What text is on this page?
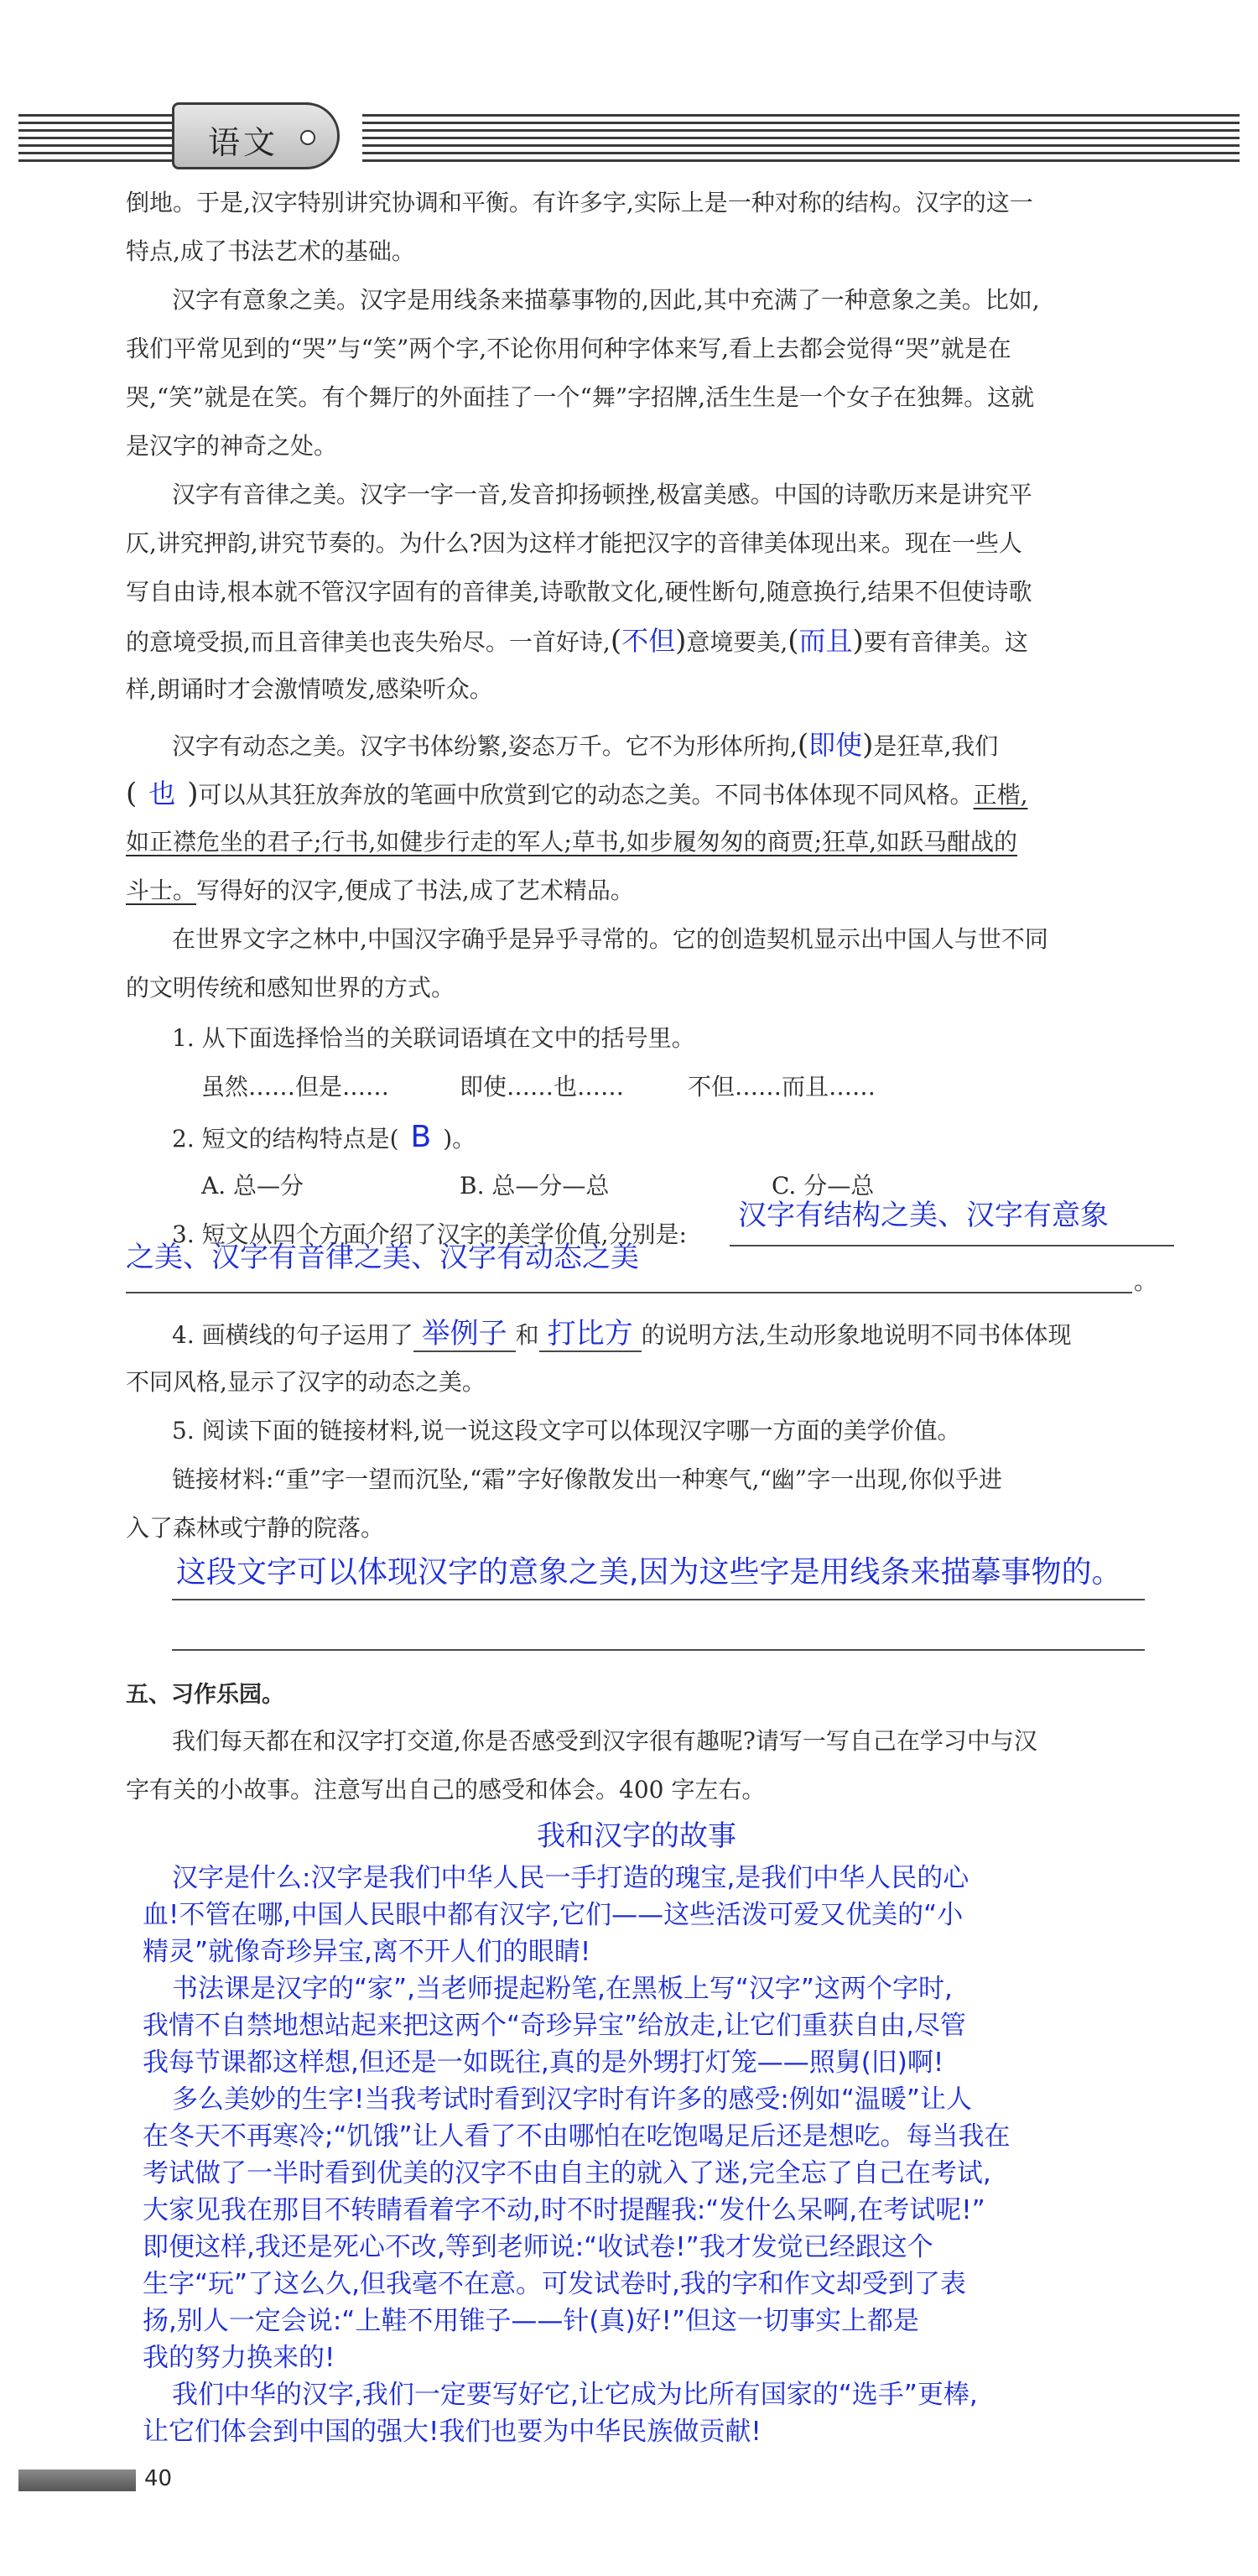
语文
倒地。于是,汉字特别讲究协调和平衡。有许多字,实际上是一种对称的结构。汉字的这一
特点,成了书法艺术的基础。
汉字有意象之美。汉字是用线条来描摹事物的,因此,其中充满了一种意象之美。比如,
我们平常见到的“哭”与“笑”两个字,不论你用何种字体来写,看上去都会觉得“哭”就是在
哭,“笑”就是在笑。有个舞厅的外面挂了一个“舞”字招牌,活生生是一个女子在独舞。这就
是汉字的神奇之处。
汉字有音律之美。汉字一字一音,发音抑扬顿挫,极富美感。中国的诗歌历来是讲究平
仄,讲究押韵,讲究节奏的。为什么?因为这样才能把汉字的音律美体现出来。现在一些人
写自由诗,根本就不管汉字固有的音律美,诗歌散文化,硬性断句,随意换行,结果不但使诗歌
的意境受损,而且音律美也丧失殆尽。一首好诗,(不但)意境要美,(而且)要有音律美。这
样,朗诵时才会激情喷发,感染听众。
汉字有动态之美。汉字书体纷繁,姿态万千。它不为形体所拘,(即使)是狂草,我们
( 也 )可以从其狂放奔放的笔画中欣赏到它的动态之美。不同书体体现不同风格。正楷,
如正襟危坐的君子;行书,如健步行走的军人;草书,如步履匆匆的商贾;狂草,如跃马酣战的
斗士。写得好的汉字,便成了书法,成了艺术精品。
在世界文字之林中,中国汉字确乎是异乎寻常的。它的创造契机显示出中国人与世不同
的文明传统和感知世界的方式。
1. 从下面选择恰当的关联词语填在文中的括号里。
虽然……但是……	即使……也……	不但……而且……
2. 短文的结构特点是( B )。
A. 总—分	B. 总—分—总	C. 分—总
3. 短文从四个方面介绍了汉字的美学价值,分别是:
汉字有结构之美、汉字有意象
之美、汉字有音律之美、汉字有动态之美
。
4. 画横线的句子运用了 举例子 和 打比方 的说明方法,生动形象地说明不同书体体现
不同风格,显示了汉字的动态之美。
5. 阅读下面的链接材料,说一说这段文字可以体现汉字哪一方面的美学价值。
链接材料:“重”字一望而沉坠,“霜”字好像散发出一种寒气,“幽”字一出现,你似乎进
入了森林或宁静的院落。
这段文字可以体现汉字的意象之美,因为这些字是用线条来描摹事物的。
五、习作乐园。
我们每天都在和汉字打交道,你是否感受到汉字很有趣呢?请写一写自己在学习中与汉
字有关的小故事。注意写出自己的感受和体会。400 字左右。
我和汉字的故事
汉字是什么:汉字是我们中华人民一手打造的瑰宝,是我们中华人民的心
血!不管在哪,中国人民眼中都有汉字,它们——这些活泼可爱又优美的“小
精灵”就像奇珍异宝,离不开人们的眼睛!
书法课是汉字的“家”,当老师提起粉笔,在黑板上写“汉字”这两个字时,
我情不自禁地想站起来把这两个“奇珍异宝”给放走,让它们重获自由,尽管
我每节课都这样想,但还是一如既往,真的是外甥打灯笼——照舅(旧)啊!
多么美妙的生字!当我考试时看到汉字时有许多的感受:例如“温暖”让人
在冬天不再寒冷;“饥饿”让人看了不由哪怕在吃饱喝足后还是想吃。每当我在
考试做了一半时看到优美的汉字不由自主的就入了迷,完全忘了自己在考试,
大家见我在那目不转睛看着字不动,时不时提醒我:“发什么呆啊,在考试呢!”
即便这样,我还是死心不改,等到老师说:“收试卷!”我才发觉已经跟这个
生字“玩”了这么久,但我毫不在意。可发试卷时,我的字和作文却受到了表
扬,别人一定会说:“上鞋不用锥子——针(真)好!”但这一切事实上都是
我的努力换来的!
我们中华的汉字,我们一定要写好它,让它成为比所有国家的“选手”更棒,
让它们体会到中国的强大!我们也要为中华民族做贡献!
40
